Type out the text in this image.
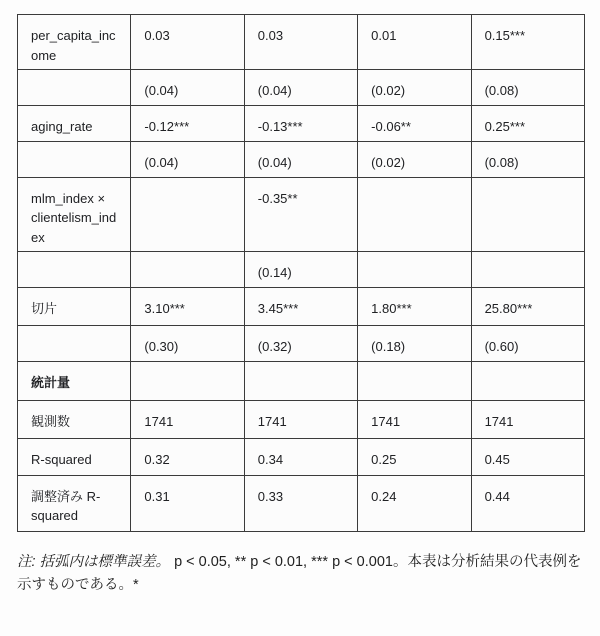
per_capita_income	0.03	0.03	0.01	0.15***
	(0.04)	(0.04)	(0.02)	(0.08)
aging_rate	-0.12***	-0.13***	-0.06**	0.25***
	(0.04)	(0.04)	(0.02)	(0.08)
mlm_index × clientelism_index		-0.35**		
		(0.14)		
切片	3.10***	3.45***	1.80***	25.80***
	(0.30)	(0.32)	(0.18)	(0.60)
統計量				
観測数	1741	1741	1741	1741
R-squared	0.32	0.34	0.25	0.45
調整済み R-squared	0.31	0.33	0.24	0.44

注: 括弧内は標準誤差。 p < 0.05, ** p < 0.01, *** p < 0.001。本表は分析結果の代表例を示すものである。*
